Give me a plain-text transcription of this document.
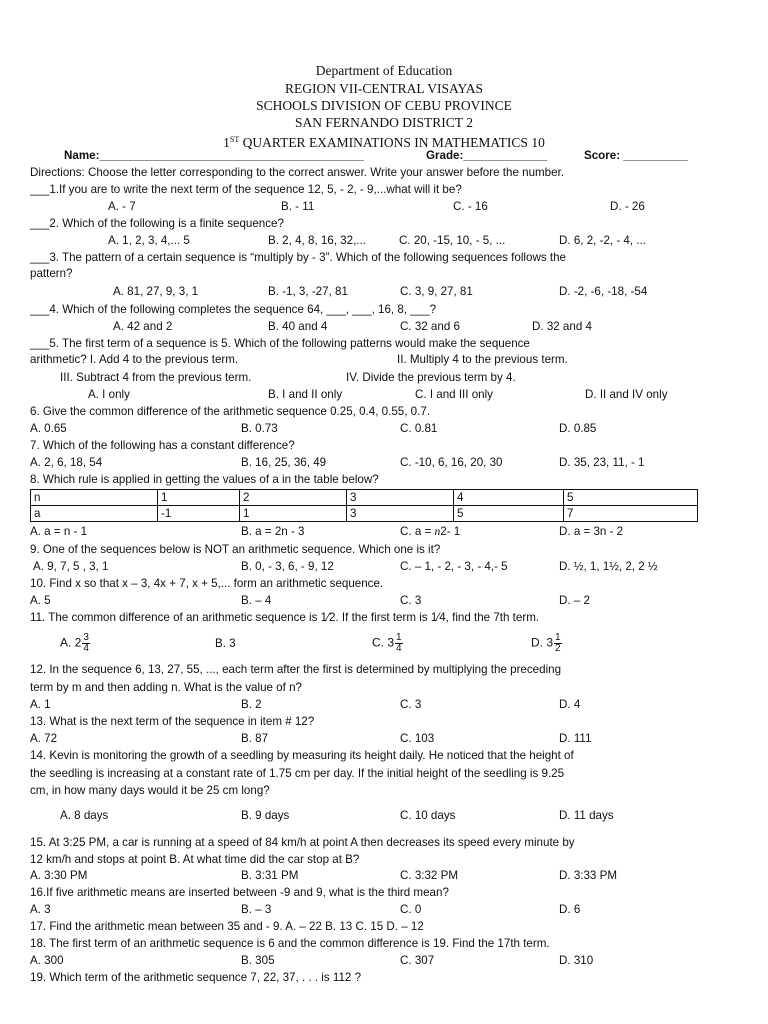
Department of Education
REGION VII-CENTRAL VISAYAS
SCHOOLS DIVISION OF CEBU PROVINCE
SAN FERNANDO DISTRICT 2
1ST QUARTER EXAMINATIONS IN MATHEMATICS 10
Name:_________________________________________	Grade:_____________	Score: __________
Directions: Choose the letter corresponding to the correct answer. Write your answer before the number.
___1.If you are to write the next term of the sequence 12, 5, - 2, - 9,...what will it be?
A. - 7	B. - 11	C. - 16	D. - 26
___2. Which of the following is a finite sequence?
A. 1, 2, 3, 4,... 5	B. 2, 4, 8, 16, 32,...	C. 20, -15, 10, - 5, ...	D. 6, 2, -2, - 4, ...
___3. The pattern of a certain sequence is “multiply by - 3”. Which of the following sequences follows the
pattern?
A. 81, 27, 9, 3, 1	B. -1, 3, -27, 81	C. 3, 9, 27, 81	D. -2, -6, -18, -54
___4. Which of the following completes the sequence 64, ___, ___, 16, 8, ___?
A. 42 and 2	B. 40 and 4	C. 32 and 6	D. 32 and 4
___5. The first term of a sequence is 5. Which of the following patterns would make the sequence
arithmetic? I. Add 4 to the previous term.	II. Multiply 4 to the previous term.
III. Subtract 4 from the previous term.	IV. Divide the previous term by 4.
A. I only	B. I and II only	C. I and III only	D. II and IV only
6. Give the common difference of the arithmetic sequence 0.25, 0.4, 0.55, 0.7.
A. 0.65	B. 0.73	C. 0.81	D. 0.85
7. Which of the following has a constant difference?
A. 2, 6, 18, 54	B. 16, 25, 36, 49	C. -10, 6, 16, 20, 30	D. 35, 23, 11, - 1
8. Which rule is applied in getting the values of a in the table below?
n	1	2	3	4	5
a	-1	1	3	5	7
A. a = n - 1	B. a = 2n - 3	C. a = n2- 1	D. a = 3n - 2
9. One of the sequences below is NOT an arithmetic sequence. Which one is it?
A. 9, 7, 5 , 3, 1	B. 0, - 3, 6, - 9, 12	C. – 1, - 2, - 3, - 4,- 5	D. ½, 1, 1½, 2, 2 ½
10. Find x so that x – 3, 4x + 7, x + 5,... form an arithmetic sequence.
A. 5	B. – 4	C. 3	D. – 2
11. The common difference of an arithmetic sequence is 1⁄2. If the first term is 1⁄4, find the 7th term.
A. $2 \frac{3}{4}$	B. 3	C. $3 \frac{1}{4}$	D. $3 \frac{1}{2}$
12. In the sequence 6, 13, 27, 55, ..., each term after the first is determined by multiplying the preceding
term by m and then adding n. What is the value of n?
A. 1	B. 2	C. 3	D. 4
13. What is the next term of the sequence in item # 12?
A. 72	B. 87	C. 103	D. 111
14. Kevin is monitoring the growth of a seedling by measuring its height daily. He noticed that the height of
the seedling is increasing at a constant rate of 1.75 cm per day. If the initial height of the seedling is 9.25
cm, in how many days would it be 25 cm long?
A. 8 days	B. 9 days	C. 10 days	D. 11 days
15. At 3:25 PM, a car is running at a speed of 84 km/h at point A then decreases its speed every minute by
12 km/h and stops at point B. At what time did the car stop at B?
A. 3:30 PM	B. 3:31 PM	C. 3:32 PM	D. 3:33 PM
16.If five arithmetic means are inserted between -9 and 9, what is the third mean?
A. 3	B. – 3	C. 0	D. 6
17. Find the arithmetic mean between 35 and - 9. A. – 22 B. 13 C. 15 D. – 12
18. The first term of an arithmetic sequence is 6 and the common difference is 19. Find the 17th term.
A. 300	B. 305	C. 307	D. 310
19. Which term of the arithmetic sequence 7, 22, 37, . . . is 112 ?
